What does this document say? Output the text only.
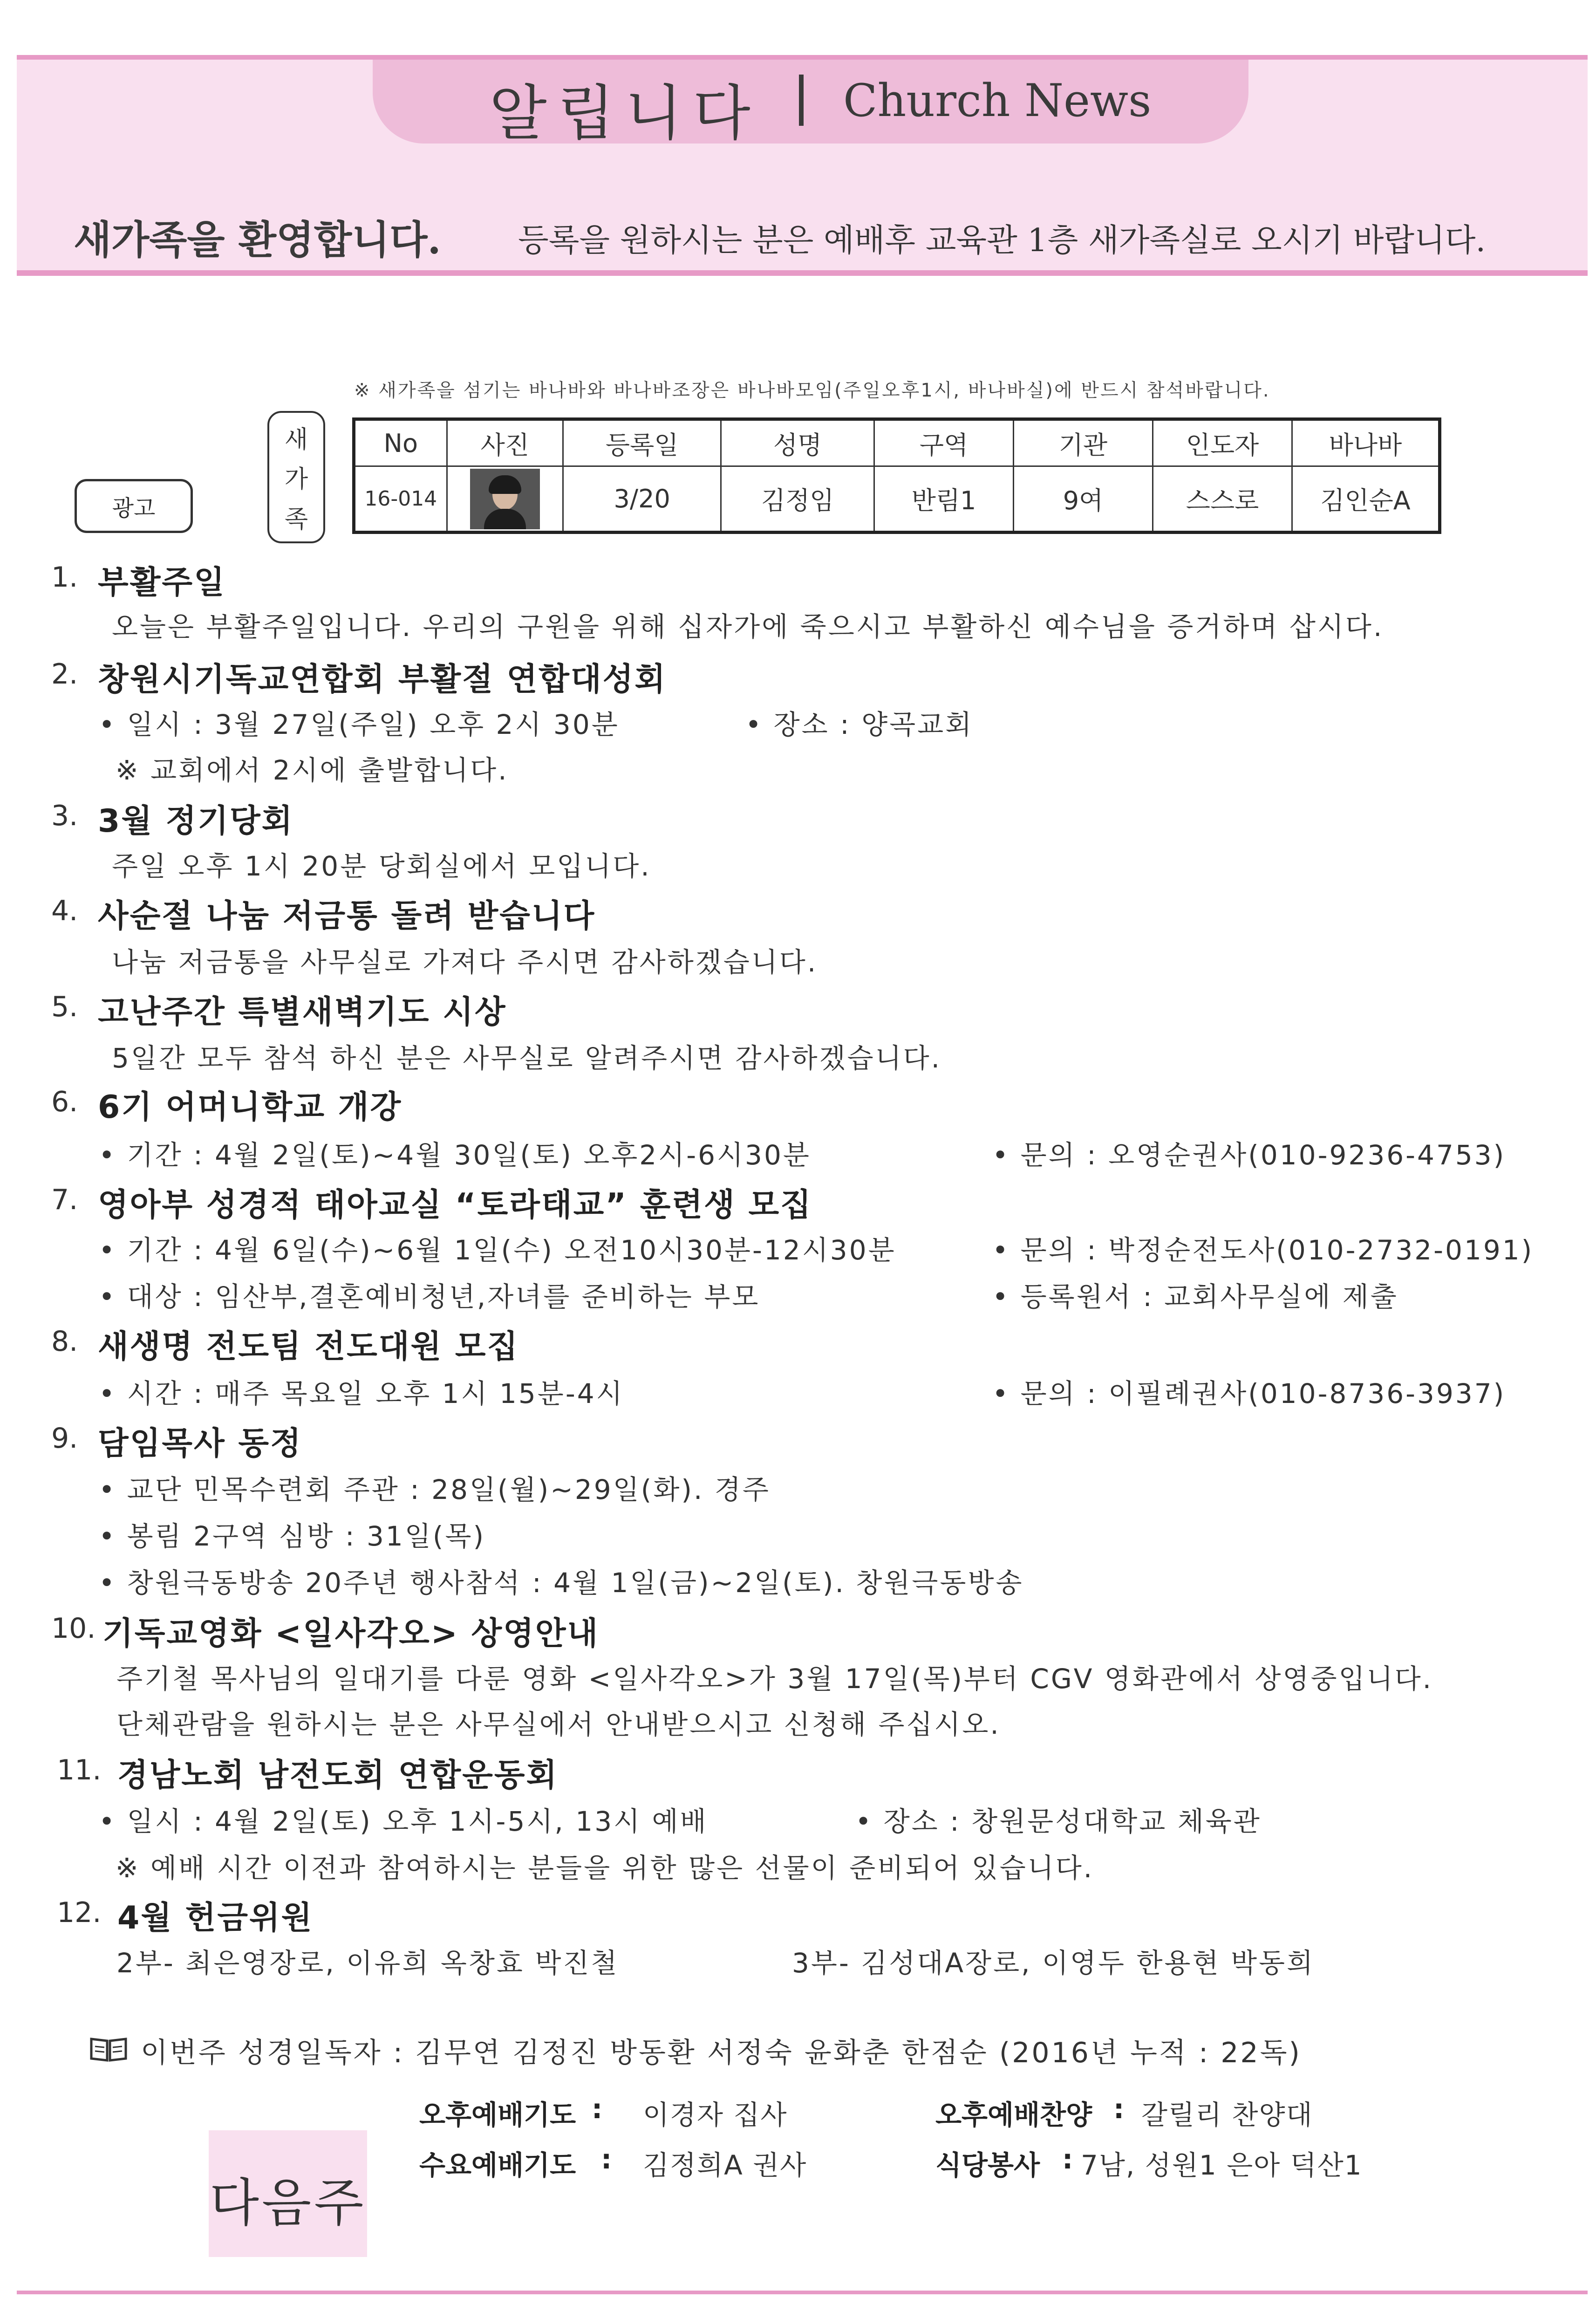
알립니다 Church News
새가족을 환영합니다. 등록을 원하시는 분은 예배후 교육관 1층 새가족실로 오시기 바랍니다.
※ 새가족을 섬기는 바나바와 바나바조장은 바나바모임(주일오후1시, 바나바실)에 반드시 참석바랍니다.
새
가
족
광고
No	사진	등록일	성명	구역	기관	인도자	바나바
16-014		3/20	김정임	반림1	9여	스스로	김인순A
1. 부활주일
오늘은 부활주일입니다. 우리의 구원을 위해 십자가에 죽으시고 부활하신 예수님을 증거하며 삽시다.
2. 창원시기독교연합회 부활절 연합대성회
• 일시 : 3월 27일(주일) 오후 2시 30분	• 장소 : 양곡교회
※ 교회에서 2시에 출발합니다.
3. 3월 정기당회
주일 오후 1시 20분 당회실에서 모입니다.
4. 사순절 나눔 저금통 돌려 받습니다
나눔 저금통을 사무실로 가져다 주시면 감사하겠습니다.
5. 고난주간 특별새벽기도 시상
5일간 모두 참석 하신 분은 사무실로 알려주시면 감사하겠습니다.
6. 6기 어머니학교 개강
• 기간 : 4월 2일(토)~4월 30일(토) 오후2시-6시30분	• 문의 : 오영순권사(010-9236-4753)
7. 영아부 성경적 태아교실 “토라태교” 훈련생 모집
• 기간 : 4월 6일(수)~6월 1일(수) 오전10시30분-12시30분	• 문의 : 박정순전도사(010-2732-0191)
• 대상 : 임산부,결혼예비청년,자녀를 준비하는 부모	• 등록원서 : 교회사무실에 제출
8. 새생명 전도팀 전도대원 모집
• 시간 : 매주 목요일 오후 1시 15분-4시	• 문의 : 이필례권사(010-8736-3937)
9. 담임목사 동정
• 교단 민목수련회 주관 : 28일(월)~29일(화). 경주
• 봉림 2구역 심방 : 31일(목)
• 창원극동방송 20주년 행사참석 : 4월 1일(금)~2일(토). 창원극동방송
10. 기독교영화 <일사각오> 상영안내
주기철 목사님의 일대기를 다룬 영화 <일사각오>가 3월 17일(목)부터 CGV 영화관에서 상영중입니다.
단체관람을 원하시는 분은 사무실에서 안내받으시고 신청해 주십시오.
11. 경남노회 남전도회 연합운동회
• 일시 : 4월 2일(토) 오후 1시-5시, 13시 예배	• 장소 : 창원문성대학교 체육관
※ 예배 시간 이전과 참여하시는 분들을 위한 많은 선물이 준비되어 있습니다.
12. 4월 헌금위원
2부- 최은영장로, 이유희 옥창효 박진철	3부- 김성대A장로, 이영두 한용현 박동희
이번주 성경일독자 : 김무연 김정진 방동환 서정숙 윤화춘 한점순 (2016년 누적 : 22독)
다음주
오후예배기도 : 이경자 집사	오후예배찬양 : 갈릴리 찬양대
수요예배기도 : 김정희A 권사	식당봉사 : 7남, 성원1 은아 덕산1
